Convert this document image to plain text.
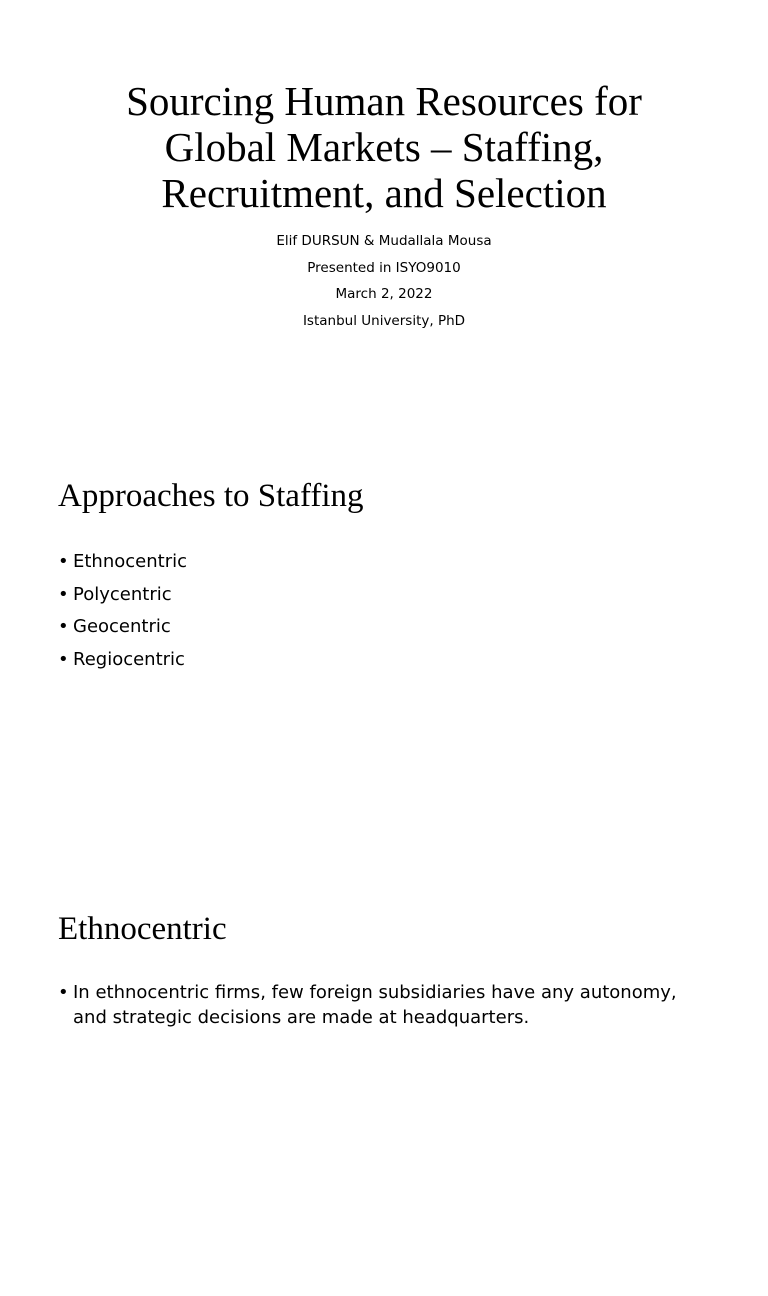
Sourcing Human Resources for
Global Markets – Staffing,
Recruitment, and Selection
Elif DURSUN & Mudallala Mousa
Presented in ISYO9010
March 2, 2022
Istanbul University, PhD
Approaches to Staffing
• Ethnocentric
• Polycentric
• Geocentric
• Regiocentric
Ethnocentric
• In ethnocentric firms, few foreign subsidiaries have any autonomy, and strategic decisions are made at headquarters.
